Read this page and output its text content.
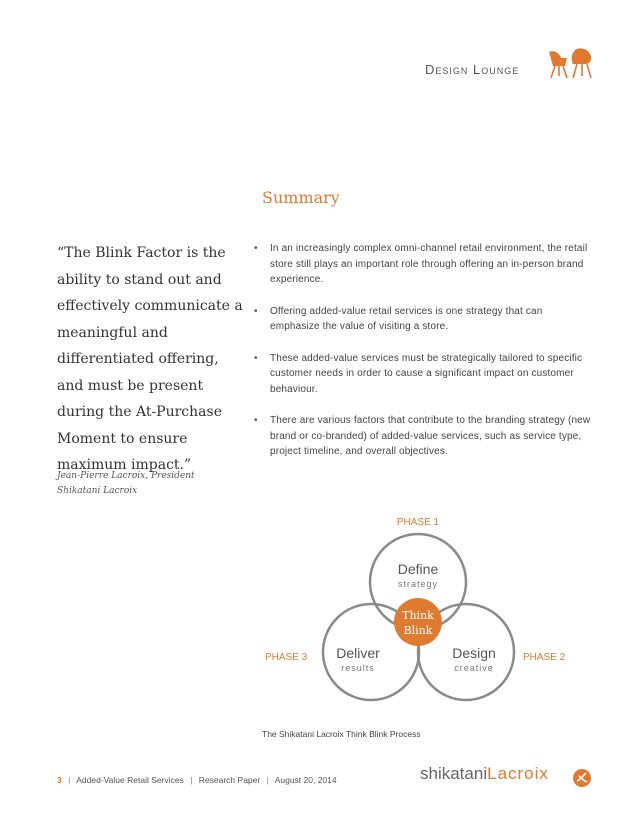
Design Lounge
Summary
“The Blink Factor is the
ability to stand out and
effectively communicate a
meaningful and
differentiated offering,
and must be present
during the At-Purchase
Moment to ensure
maximum impact.”
Jean-Pierre Lacroix, President
Shikatani Lacroix
• In an increasingly complex omni-channel retail environment, the retail store still plays an important role through offering an in-person brand experience.
• Offering added-value retail services is one strategy that can emphasize the value of visiting a store.
• These added-value services must be strategically tailored to specific customer needs in order to cause a significant impact on customer behaviour.
• There are various factors that contribute to the branding strategy (new brand or co-branded) of added-value services, such as service type, project timeline, and overall objectives.
PHASE 1
Define
strategy
Deliver
results
Design
creative
Think
Blink
PHASE 3	PHASE 2
The Shikatani Lacroix Think Blink Process
3 | Added-Value Retail Services | Research Paper | August 20, 2014	shikataniLacroix
